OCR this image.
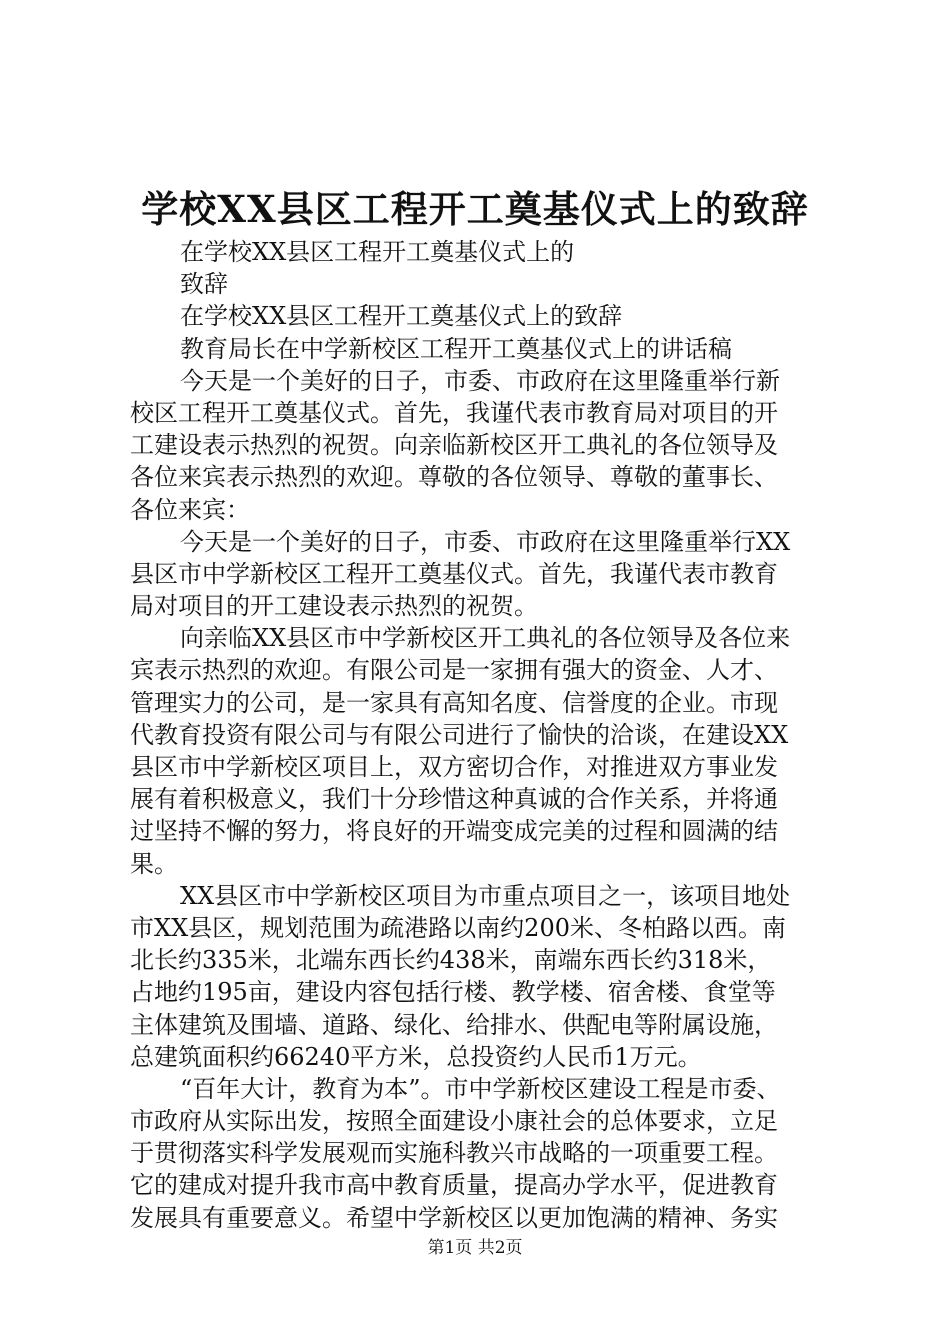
学校XX县区工程开工奠基仪式上的致辞
在学校XX县区工程开工奠基仪式上的
致辞
在学校XX县区工程开工奠基仪式上的致辞
教育局长在中学新校区工程开工奠基仪式上的讲话稿
今天是一个美好的日子，市委、市政府在这里隆重举行新
校区工程开工奠基仪式。首先，我谨代表市教育局对项目的开
工建设表示热烈的祝贺。向亲临新校区开工典礼的各位领导及
各位来宾表示热烈的欢迎。尊敬的各位领导、尊敬的董事长、
各位来宾：
今天是一个美好的日子，市委、市政府在这里隆重举行XX
县区市中学新校区工程开工奠基仪式。首先，我谨代表市教育
局对项目的开工建设表示热烈的祝贺。
向亲临XX县区市中学新校区开工典礼的各位领导及各位来
宾表示热烈的欢迎。有限公司是一家拥有强大的资金、人才、
管理实力的公司，是一家具有高知名度、信誉度的企业。市现
代教育投资有限公司与有限公司进行了愉快的洽谈，在建设XX
县区市中学新校区项目上，双方密切合作，对推进双方事业发
展有着积极意义，我们十分珍惜这种真诚的合作关系，并将通
过坚持不懈的努力，将良好的开端变成完美的过程和圆满的结
果。
XX县区市中学新校区项目为市重点项目之一，该项目地处
市XX县区，规划范围为疏港路以南约200米、冬柏路以西。南
北长约335米，北端东西长约438米，南端东西长约318米，
占地约195亩，建设内容包括行楼、教学楼、宿舍楼、食堂等
主体建筑及围墙、道路、绿化、给排水、供配电等附属设施，
总建筑面积约66240平方米，总投资约人民币1万元。
“百年大计，教育为本”。市中学新校区建设工程是市委、
市政府从实际出发，按照全面建设小康社会的总体要求，立足
于贯彻落实科学发展观而实施科教兴市战略的一项重要工程。
它的建成对提升我市高中教育质量，提高办学水平，促进教育
发展具有重要意义。希望中学新校区以更加饱满的精神、务实
第1页 共2页
